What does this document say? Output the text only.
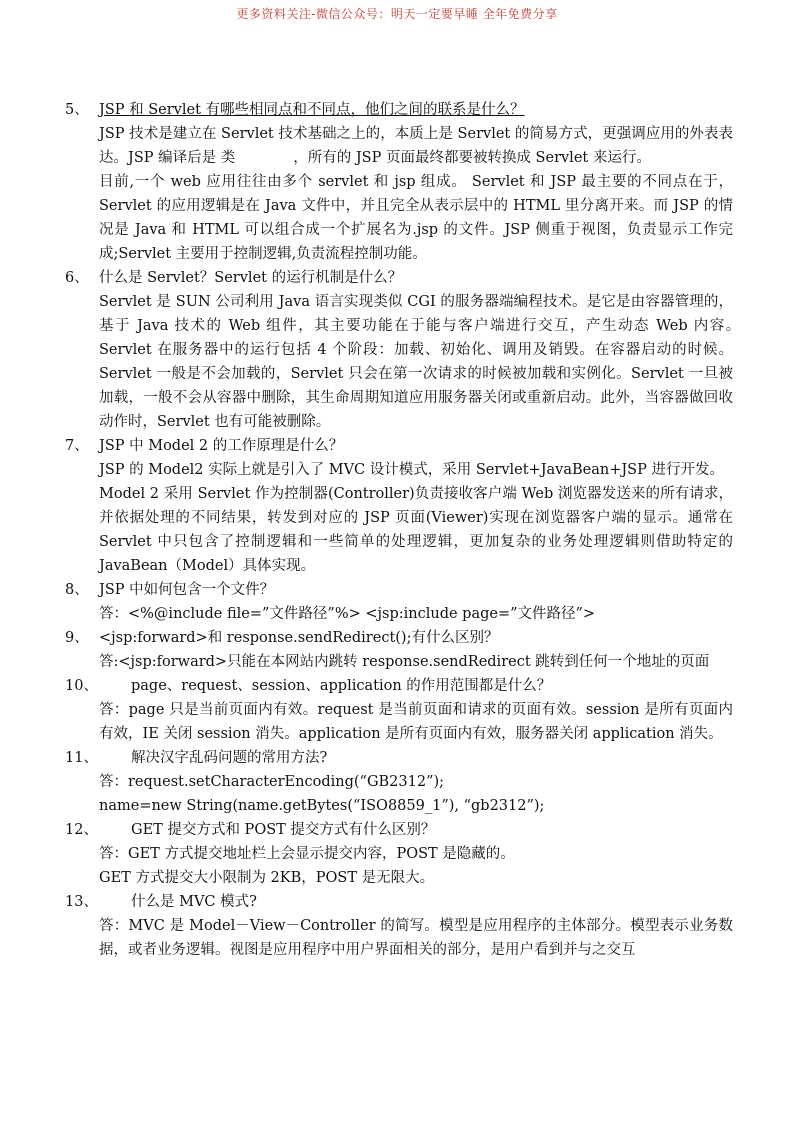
更多资料关注-微信公众号：明天一定要早睡 全年免费分享
5、 JSP 和 Servlet 有哪些相同点和不同点，他们之间的联系是什么？
JSP 技术是建立在 Servlet 技术基础之上的，本质上是 Servlet 的简易方式，更强调应用的外表表达。JSP 编译后是 类　　　　，所有的 JSP 页面最终都要被转换成 Servlet 来运行。
目前,一个 web 应用往往由多个 servlet 和 jsp 组成。 Servlet 和 JSP 最主要的不同点在于，Servlet 的应用逻辑是在 Java 文件中，并且完全从表示层中的 HTML 里分离开来。而 JSP 的情况是 Java 和 HTML 可以组合成一个扩展名为.jsp 的文件。JSP 侧重于视图，负责显示工作完成;Servlet 主要用于控制逻辑,负责流程控制功能。
6、 什么是 Servlet？Servlet 的运行机制是什么？
Servlet 是 SUN 公司利用 Java 语言实现类似 CGI 的服务器端编程技术。是它是由容器管理的，基于 Java 技术的 Web 组件，其主要功能在于能与客户端进行交互，产生动态 Web 内容。　Servlet 在服务器中的运行包括 4 个阶段：加载、初始化、调用及销毁。在容器启动的时候。Servlet 一般是不会加载的，Servlet 只会在第一次请求的时候被加载和实例化。Servlet 一旦被加载，一般不会从容器中删除，其生命周期知道应用服务器关闭或重新启动。此外，当容器做回收动作时，Servlet 也有可能被删除。
7、 JSP 中 Model 2 的工作原理是什么？
JSP 的 Model2 实际上就是引入了 MVC 设计模式，采用 Servlet+JavaBean+JSP 进行开发。
Model 2 采用 Servlet 作为控制器(Controller)负责接收客户端 Web 浏览器发送来的所有请求，并依据处理的不同结果，转发到对应的 JSP 页面(Viewer)实现在浏览器客户端的显示。通常在 Servlet 中只包含了控制逻辑和一些简单的处理逻辑，更加复杂的业务处理逻辑则借助特定的 JavaBean（Model）具体实现。
8、 JSP 中如何包含一个文件？
答：<%@include file=”文件路径”%> <jsp:include page=”文件路径”>
9、 <jsp:forward>和 response.sendRedirect();有什么区别？
答:<jsp:forward>只能在本网站内跳转 response.sendRedirect 跳转到任何一个地址的页面
10、	page、request、session、application 的作用范围都是什么？
答：page 只是当前页面内有效。request 是当前页面和请求的页面有效。session 是所有页面内有效，IE 关闭 session 消失。application 是所有页面内有效，服务器关闭 application 消失。
11、	解决汉字乱码问题的常用方法?
答：request.setCharacterEncoding(“GB2312”);
name=new String(name.getBytes(“ISO8859_1”), “gb2312”);
12、	GET 提交方式和 POST 提交方式有什么区别？
答：GET 方式提交地址栏上会显示提交内容，POST 是隐藏的。
GET 方式提交大小限制为 2KB，POST 是无限大。
13、	什么是 MVC 模式?
答：MVC 是 Model－View－Controller 的简写。模型是应用程序的主体部分。模型表示业务数据，或者业务逻辑。视图是应用程序中用户界面相关的部分，是用户看到并与之交互
